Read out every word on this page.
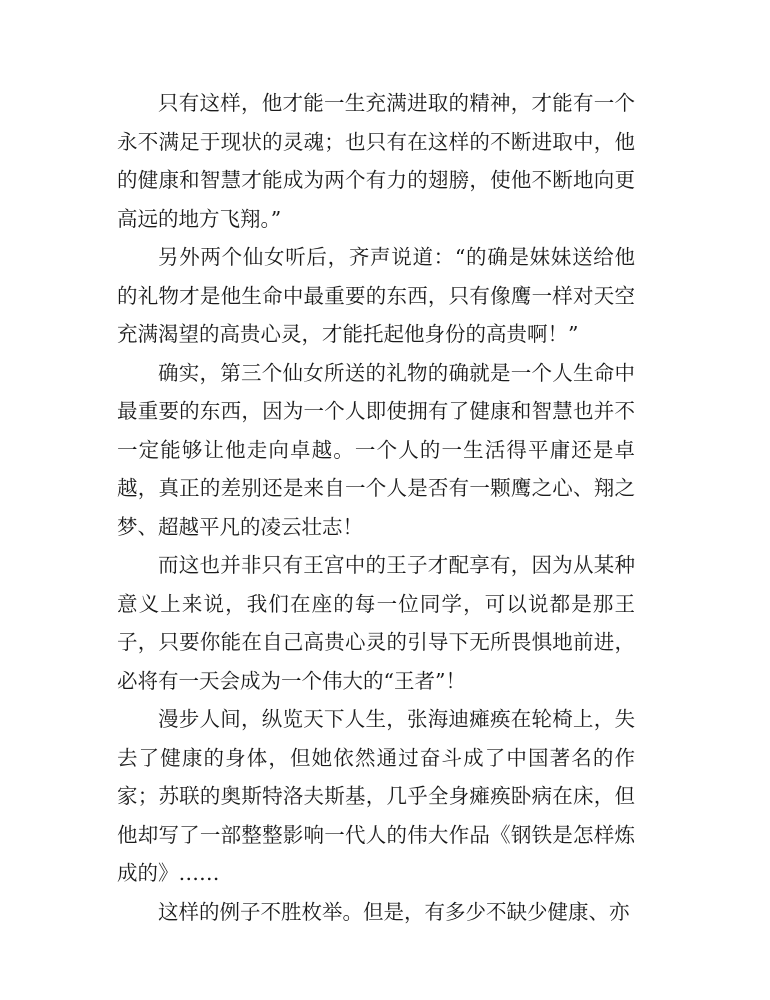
只有这样，他才能一生充满进取的精神，才能有一个永不满足于现状的灵魂；也只有在这样的不断进取中，他的健康和智慧才能成为两个有力的翅膀，使他不断地向更高远的地方飞翔。”

另外两个仙女听后，齐声说道：“的确是妹妹送给他的礼物才是他生命中最重要的东西，只有像鹰一样对天空充满渴望的高贵心灵，才能托起他身份的高贵啊！”

确实，第三个仙女所送的礼物的确就是一个人生命中最重要的东西，因为一个人即使拥有了健康和智慧也并不一定能够让他走向卓越。一个人的一生活得平庸还是卓越，真正的差别还是来自一个人是否有一颗鹰之心、翔之梦、超越平凡的凌云壮志！

而这也并非只有王宫中的王子才配享有，因为从某种意义上来说，我们在座的每一位同学，可以说都是那王子，只要你能在自己高贵心灵的引导下无所畏惧地前进，必将有一天会成为一个伟大的“王者”！

漫步人间，纵览天下人生，张海迪瘫痪在轮椅上，失去了健康的身体，但她依然通过奋斗成了中国著名的作家；苏联的奥斯特洛夫斯基，几乎全身瘫痪卧病在床，但他却写了一部整整影响一代人的伟大作品《钢铁是怎样炼成的》……

这样的例子不胜枚举。但是，有多少不缺少健康、亦
